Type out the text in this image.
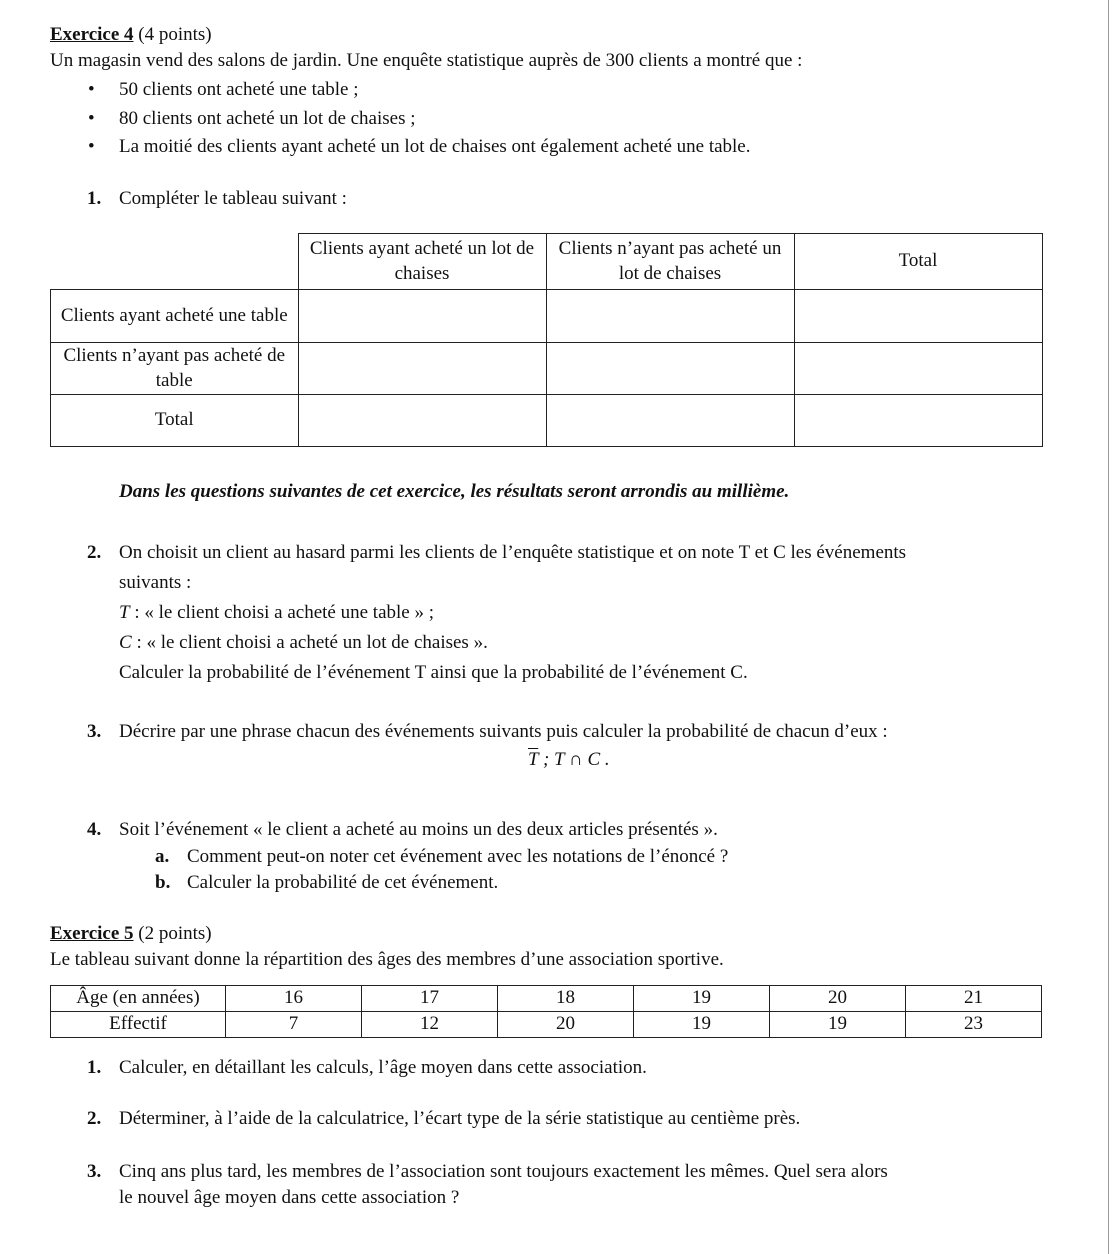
Exercice 4 (4 points)
Un magasin vend des salons de jardin. Une enquête statistique auprès de 300 clients a montré que :
• 50 clients ont acheté une table ;
• 80 clients ont acheté un lot de chaises ;
• La moitié des clients ayant acheté un lot de chaises ont également acheté une table.
1. Compléter le tableau suivant :
	Clients ayant acheté un lot de chaises	Clients n’ayant pas acheté un lot de chaises	Total
Clients ayant acheté une table			
Clients n’ayant pas acheté de table			
Total			
Dans les questions suivantes de cet exercice, les résultats seront arrondis au millième.
2. On choisit un client au hasard parmi les clients de l’enquête statistique et on note T et C les événements
suivants :
T : « le client choisi a acheté une table » ;
C : « le client choisi a acheté un lot de chaises ».
Calculer la probabilité de l’événement T ainsi que la probabilité de l’événement C.
3. Décrire par une phrase chacun des événements suivants puis calculer la probabilité de chacun d’eux :
$\overline{T}$ ; T ∩ C .
4. Soit l’événement « le client a acheté au moins un des deux articles présentés ».
a. Comment peut-on noter cet événement avec les notations de l’énoncé ?
b. Calculer la probabilité de cet événement.
Exercice 5 (2 points)
Le tableau suivant donne la répartition des âges des membres d’une association sportive.
Âge (en années)	16	17	18	19	20	21
Effectif	7	12	20	19	19	23
1. Calculer, en détaillant les calculs, l’âge moyen dans cette association.
2. Déterminer, à l’aide de la calculatrice, l’écart type de la série statistique au centième près.
3. Cinq ans plus tard, les membres de l’association sont toujours exactement les mêmes. Quel sera alors
le nouvel âge moyen dans cette association ?
